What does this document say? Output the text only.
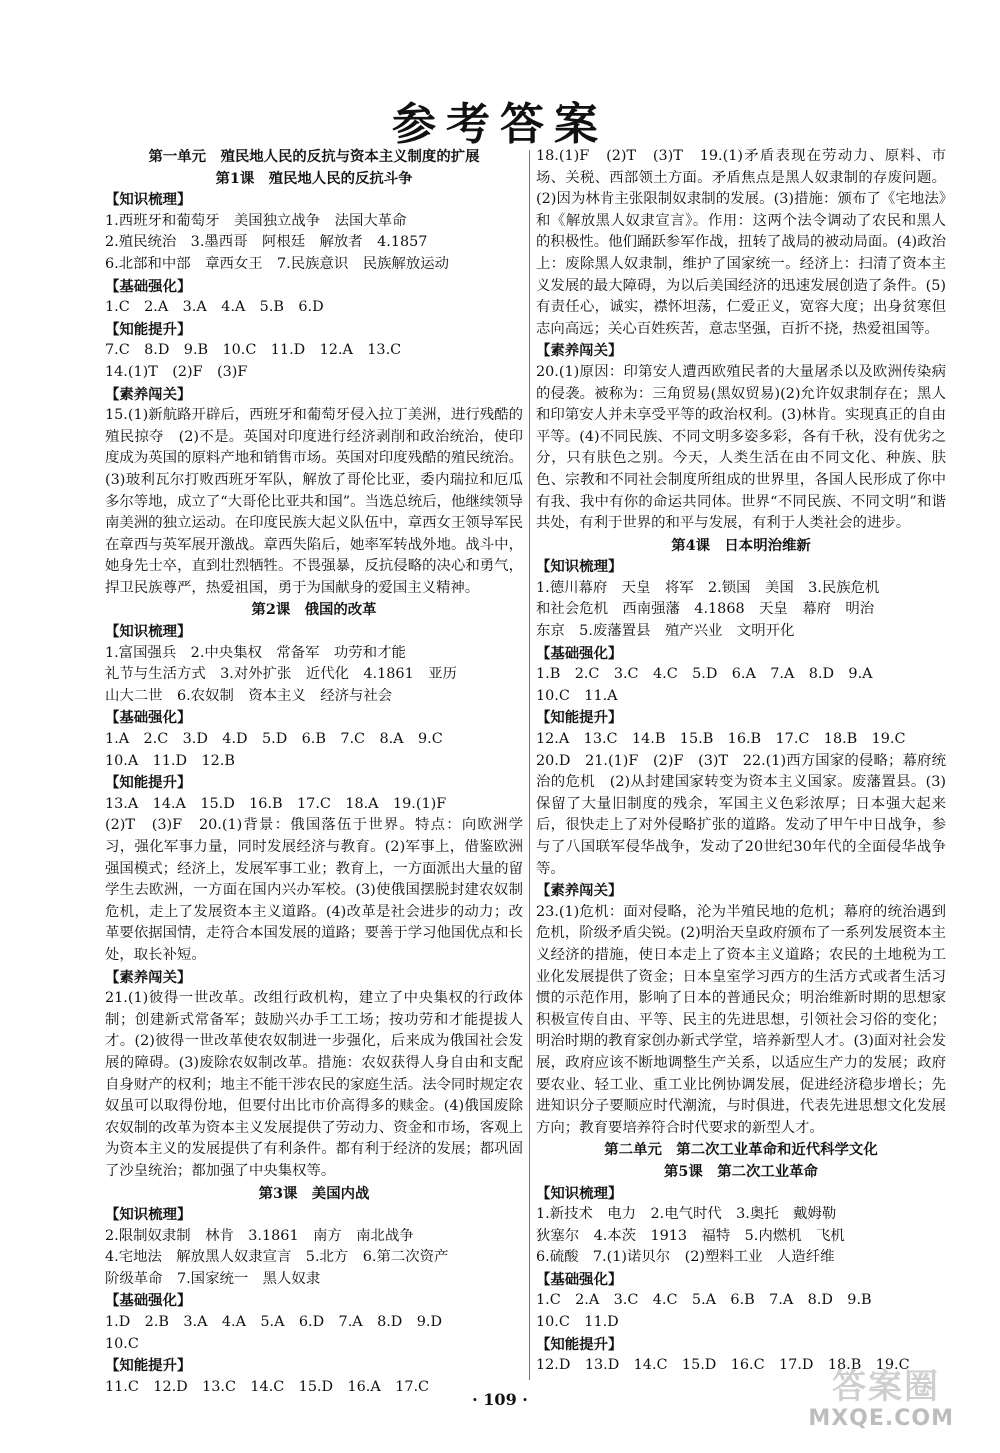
参考答案
第一单元　殖民地人民的反抗与资本主义制度的扩展
第1课　殖民地人民的反抗斗争
【知识梳理】
1.西班牙和葡萄牙　美国独立战争　法国大革命
2.殖民统治　3.墨西哥　阿根廷　解放者　4.1857
6.北部和中部　章西女王　7.民族意识　民族解放运动
【基础强化】
1.C　2.A　3.A　4.A　5.B　6.D
【知能提升】
7.C　8.D　9.B　10.C　11.D　12.A　13.C
14.(1)T　(2)F　(3)F
【素养闯关】
15.(1)新航路开辟后，西班牙和葡萄牙侵入拉丁美洲，进行残酷的殖民掠夺　(2)不是。英国对印度进行经济剥削和政治统治，使印度成为英国的原料产地和销售市场。英国对印度残酷的殖民统治。(3)玻利瓦尔打败西班牙军队，解放了哥伦比亚，委内瑞拉和厄瓜多尔等地，成立了“大哥伦比亚共和国”。当选总统后，他继续领导南美洲的独立运动。在印度民族大起义队伍中，章西女王领导军民在章西与英军展开激战。章西失陷后，她率军转战外地。战斗中，她身先士卒，直到壮烈牺牲。不畏强暴，反抗侵略的决心和勇气，捍卫民族尊严，热爱祖国，勇于为国献身的爱国主义精神。
第2课　俄国的改革
【知识梳理】
1.富国强兵　2.中央集权　常备军　功劳和才能
礼节与生活方式　3.对外扩张　近代化　4.1861　亚历
山大二世　6.农奴制　资本主义　经济与社会
【基础强化】
1.A　2.C　3.D　4.D　5.D　6.B　7.C　8.A　9.C
10.A　11.D　12.B
【知能提升】
13.A　14.A　15.D　16.B　17.C　18.A　19.(1)F
(2)T　(3)F　20.(1)背景：俄国落伍于世界。特点：向欧洲学习，强化军事力量，同时发展经济与教育。(2)军事上，借鉴欧洲强国模式；经济上，发展军事工业；教育上，一方面派出大量的留学生去欧洲，一方面在国内兴办军校。(3)使俄国摆脱封建农奴制危机，走上了发展资本主义道路。(4)改革是社会进步的动力；改革要依据国情，走符合本国发展的道路；要善于学习他国优点和长处，取长补短。
【素养闯关】
21.(1)彼得一世改革。改组行政机构，建立了中央集权的行政体制；创建新式常备军；鼓励兴办手工工场；按功劳和才能提拔人才。(2)彼得一世改革使农奴制进一步强化，后来成为俄国社会发展的障碍。(3)废除农奴制改革。措施：农奴获得人身自由和支配自身财产的权利；地主不能干涉农民的家庭生活。法令同时规定农奴虽可以取得份地，但要付出比市价高得多的赎金。(4)俄国废除农奴制的改革为资本主义发展提供了劳动力、资金和市场，客观上为资本主义的发展提供了有利条件。都有利于经济的发展；都巩固了沙皇统治；都加强了中央集权等。
第3课　美国内战
【知识梳理】
2.限制奴隶制　林肯　3.1861　南方　南北战争
4.宅地法　解放黑人奴隶宣言　5.北方　6.第二次资产
阶级革命　7.国家统一　黑人奴隶
【基础强化】
1.D　2.B　3.A　4.A　5.A　6.D　7.A　8.D　9.D
10.C
【知能提升】
11.C　12.D　13.C　14.C　15.D　16.A　17.C
18.(1)F　(2)T　(3)T　19.(1)矛盾表现在劳动力、原料、市场、关税、西部领土方面。矛盾焦点是黑人奴隶制的存废问题。(2)因为林肯主张限制奴隶制的发展。(3)措施：颁布了《宅地法》和《解放黑人奴隶宣言》。作用：这两个法令调动了农民和黑人的积极性。他们踊跃参军作战，扭转了战局的被动局面。(4)政治上：废除黑人奴隶制，维护了国家统一。经济上：扫清了资本主义发展的最大障碍，为以后美国经济的迅速发展创造了条件。(5)有责任心，诚实，襟怀坦荡，仁爱正义，宽容大度；出身贫寒但志向高远；关心百姓疾苦，意志坚强，百折不挠，热爱祖国等。
【素养闯关】
20.(1)原因：印第安人遭西欧殖民者的大量屠杀以及欧洲传染病的侵袭。被称为：三角贸易(黑奴贸易)(2)允许奴隶制存在；黑人和印第安人并未享受平等的政治权利。(3)林肯。实现真正的自由平等。(4)不同民族、不同文明多姿多彩，各有千秋，没有优劣之分，只有肤色之别。今天，人类生活在由不同文化、种族、肤色、宗教和不同社会制度所组成的世界里，各国人民形成了你中有我、我中有你的命运共同体。世界“不同民族、不同文明”和谐共处，有利于世界的和平与发展，有利于人类社会的进步。
第4课　日本明治维新
【知识梳理】
1.德川幕府　天皇　将军　2.锁国　美国　3.民族危机
和社会危机　西南强藩　4.1868　天皇　幕府　明治
东京　5.废藩置县　殖产兴业　文明开化
【基础强化】
1.B　2.C　3.C　4.C　5.D　6.A　7.A　8.D　9.A
10.C　11.A
【知能提升】
12.A　13.C　14.B　15.B　16.B　17.C　18.B　19.C
20.D　21.(1)F　(2)F　(3)T　22.(1)西方国家的侵略；幕府统治的危机　(2)从封建国家转变为资本主义国家。废藩置县。(3)保留了大量旧制度的残余，军国主义色彩浓厚；日本强大起来后，很快走上了对外侵略扩张的道路。发动了甲午中日战争，参与了八国联军侵华战争，发动了20世纪30年代的全面侵华战争等。
【素养闯关】
23.(1)危机：面对侵略，沦为半殖民地的危机；幕府的统治遇到危机，阶级矛盾尖锐。(2)明治天皇政府颁布了一系列发展资本主义经济的措施，使日本走上了资本主义道路；农民的土地税为工业化发展提供了资金；日本皇室学习西方的生活方式或者生活习惯的示范作用，影响了日本的普通民众；明治维新时期的思想家积极宣传自由、平等、民主的先进思想，引领社会习俗的变化；明治时期的教育家创办新式学堂，培养新型人才。(3)面对社会发展，政府应该不断地调整生产关系，以适应生产力的发展；政府要农业、轻工业、重工业比例协调发展，促进经济稳步增长；先进知识分子要顺应时代潮流，与时俱进，代表先进思想文化发展方向；教育要培养符合时代要求的新型人才。
第二单元　第二次工业革命和近代科学文化
第5课　第二次工业革命
【知识梳理】
1.新技术　电力　2.电气时代　3.奥托　戴姆勒
狄塞尔　4.本茨　1913　福特　5.内燃机　飞机
6.硫酸　7.(1)诺贝尔　(2)塑料工业　人造纤维
【基础强化】
1.C　2.A　3.C　4.C　5.A　6.B　7.A　8.D　9.B
10.C　11.D
【知能提升】
12.D　13.D　14.C　15.D　16.C　17.D　18.B　19.C
· 109 ·	答案圈
MXQE.COM
